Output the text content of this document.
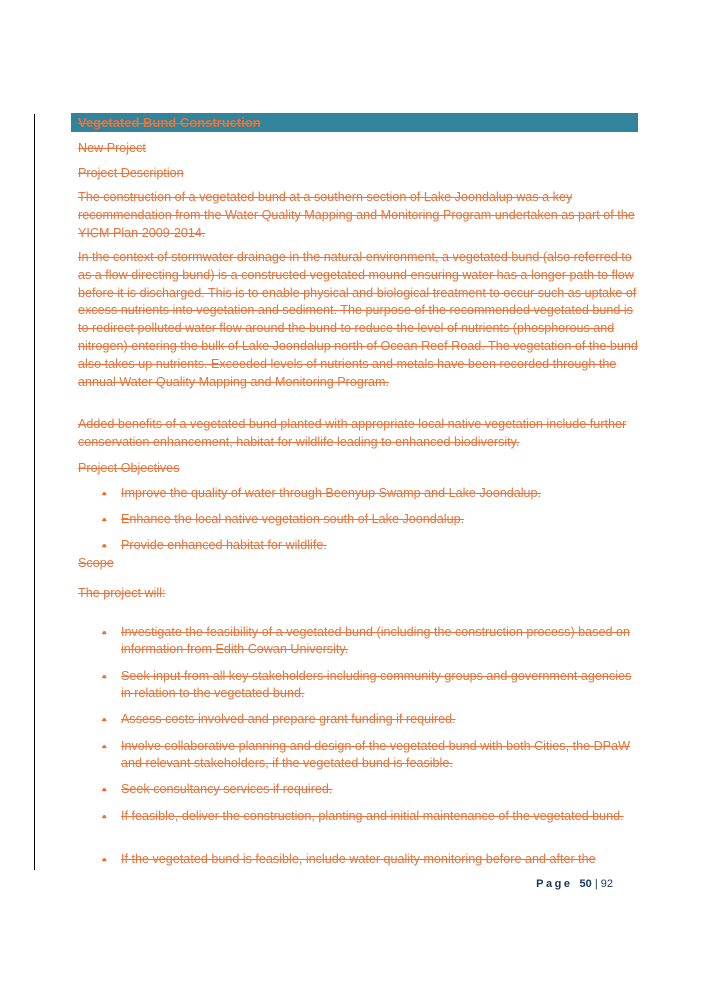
Vegetated Bund Construction
New Project
Project Description
The construction of a vegetated bund at a southern section of Lake Joondalup was a key recommendation from the Water Quality Mapping and Monitoring Program undertaken as part of the YICM Plan 2009-2014.
In the context of stormwater drainage in the natural environment, a vegetated bund (also referred to as a flow directing bund) is a constructed vegetated mound ensuring water has a longer path to flow before it is discharged. This is to enable physical and biological treatment to occur such as uptake of excess nutrients into vegetation and sediment. The purpose of the recommended vegetated bund is to redirect polluted water flow around the bund to reduce the level of nutrients (phosphorous and nitrogen) entering the bulk of Lake Joondalup north of Ocean Reef Road. The vegetation of the bund also takes up nutrients. Exceeded levels of nutrients and metals have been recorded through the annual Water Quality Mapping and Monitoring Program.
Added benefits of a vegetated bund planted with appropriate local native vegetation include further conservation enhancement, habitat for wildlife leading to enhanced biodiversity.
Project Objectives
• Improve the quality of water through Beenyup Swamp and Lake Joondalup.
• Enhance the local native vegetation south of Lake Joondalup.
• Provide enhanced habitat for wildlife.
Scope
The project will:
• Investigate the feasibility of a vegetated bund (including the construction process) based on information from Edith Cowan University.
• Seek input from all key stakeholders including community groups and government agencies in relation to the vegetated bund.
• Assess costs involved and prepare grant funding if required.
• Involve collaborative planning and design of the vegetated bund with both Cities, the DPaW and relevant stakeholders, if the vegetated bund is feasible.
• Seek consultancy services if required.
• If feasible, deliver the construction, planting and initial maintenance of the vegetated bund.
• If the vegetated bund is feasible, include water quality monitoring before and after the
Page 50 | 92
